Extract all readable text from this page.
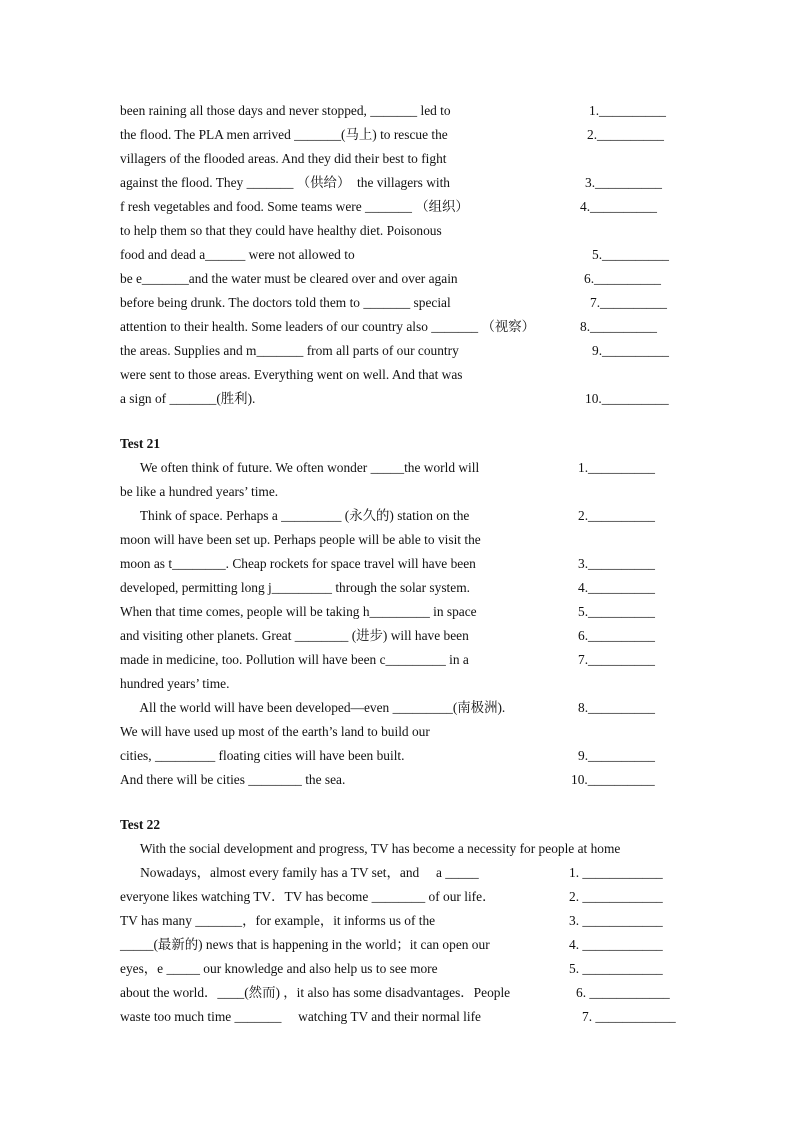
been raining all those days and never stopped, _______ led to
the flood. The PLA men arrived _______(马上) to rescue the
villagers of the flooded areas. And they did their best to fight
against the flood. They _______ （供给）  the villagers with
f resh vegetables and food. Some teams were _______ （组织）
to help them so that they could have healthy diet. Poisonous
food and dead a______ were not allowed to
be e_______and the water must be cleared over and over again
before being drunk. The doctors told them to _______ special
attention to their health. Some leaders of our country also _______ （视察）
the areas. Supplies and m_______ from all parts of our country
were sent to those areas. Everything went on well. And that was
a sign of _______(胜利).
1.__________
2.__________
3.__________
4.__________
5.__________
6.__________
7.__________
8.__________
9.__________
10.__________
Test 21
We often think of future. We often wonder _____the world will
be like a hundred years’ time.
Think of space. Perhaps a _________ (永久的) station on the
moon will have been set up. Perhaps people will be able to visit the
moon as t________. Cheap rockets for space travel will have been
developed, permitting long j_________ through the solar system.
When that time comes, people will be taking h_________ in space
and visiting other planets. Great ________ (进步) will have been
made in medicine, too. Pollution will have been c_________ in a
hundred years’ time.
All the world will have been developed—even _________(南极洲).
We will have used up most of the earth’s land to build our
cities, _________ floating cities will have been built.
And there will be cities ________ the sea.
1.__________
2.__________
3.__________
4.__________
5.__________
6.__________
7.__________
8.__________
9.__________
10.__________
Test 22
With the social development and progress, TV has become a necessity for people at home
Nowadays，almost every family has a TV set，and     a _____
everyone likes watching TV．TV has become ________ of our life．
TV has many _______，for example，it informs us of the
_____(最新的) news that is happening in the world；it can open our
eyes，e _____ our knowledge and also help us to see more
about the world．____(然而) ，it also has some disadvantages．People
waste too much time _______     watching TV and their normal life
1. ____________
2. ____________
3. ____________
4. ____________
5. ____________
6. ____________
7. ____________
